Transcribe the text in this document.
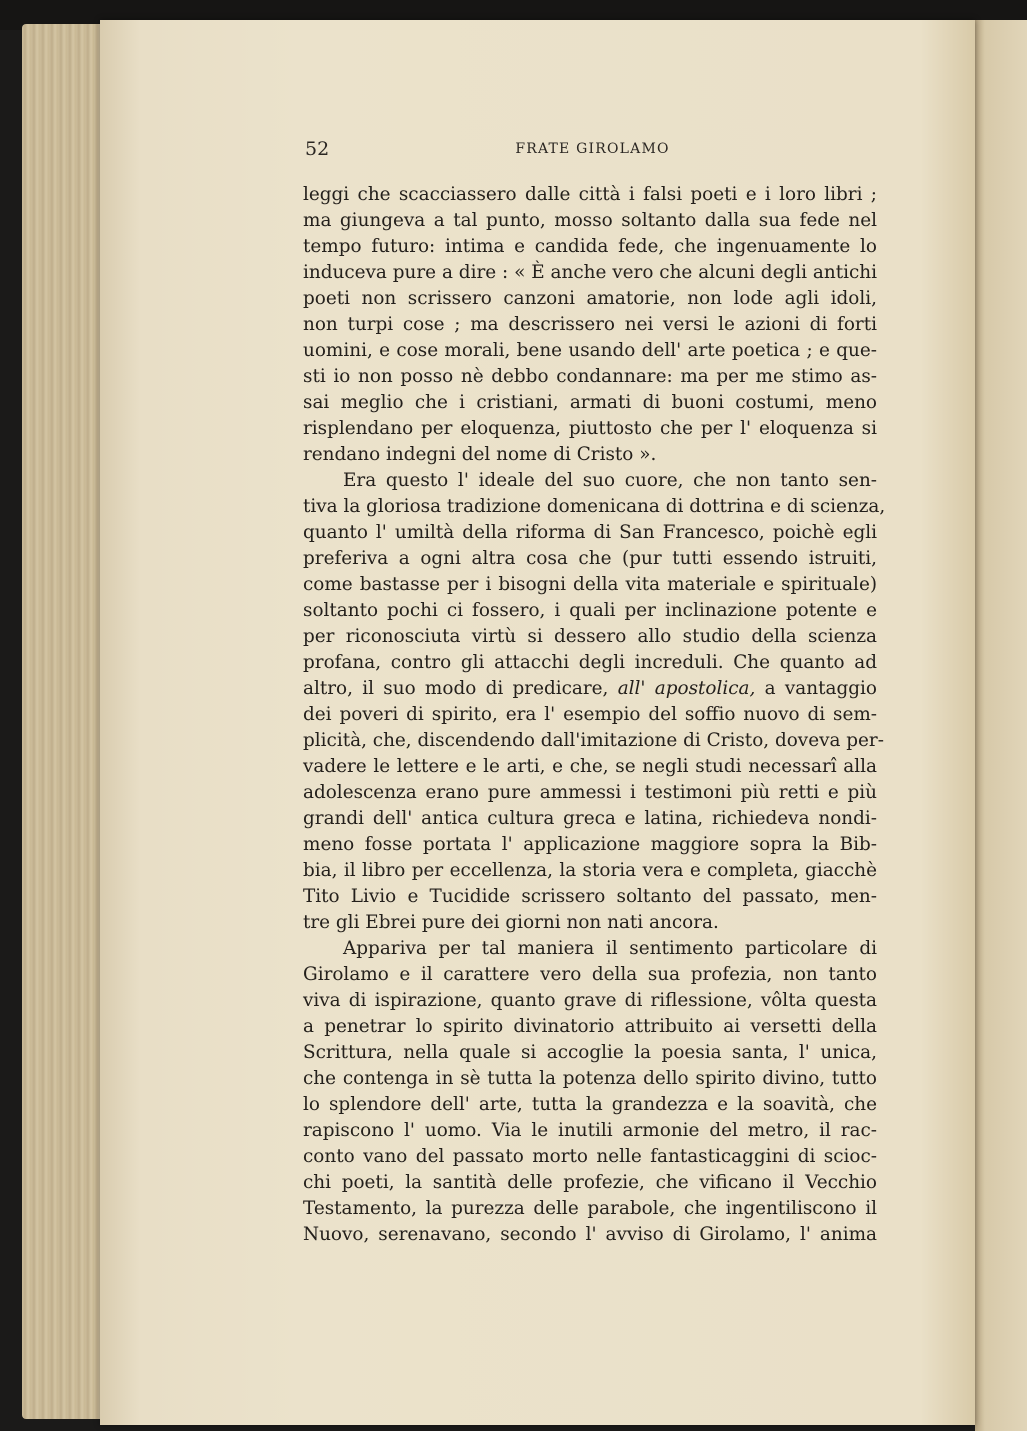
52	FRATE GIROLAMO
leggi che scacciassero dalle città i falsi poeti e i loro libri ;
ma giungeva a tal punto, mosso soltanto dalla sua fede nel
tempo futuro: intima e candida fede, che ingenuamente lo
induceva pure a dire : « È anche vero che alcuni degli antichi
poeti non scrissero canzoni amatorie, non lode agli idoli,
non turpi cose ; ma descrissero nei versi le azioni di forti
uomini, e cose morali, bene usando dell' arte poetica ; e que-
sti io non posso nè debbo condannare: ma per me stimo as-
sai meglio che i cristiani, armati di buoni costumi, meno
risplendano per eloquenza, piuttosto che per l' eloquenza si
rendano indegni del nome di Cristo ».
Era questo l' ideale del suo cuore, che non tanto sen-
tiva la gloriosa tradizione domenicana di dottrina e di scienza,
quanto l' umiltà della riforma di San Francesco, poichè egli
preferiva a ogni altra cosa che (pur tutti essendo istruiti,
come bastasse per i bisogni della vita materiale e spirituale)
soltanto pochi ci fossero, i quali per inclinazione potente e
per riconosciuta virtù si dessero allo studio della scienza
profana, contro gli attacchi degli increduli. Che quanto ad
altro, il suo modo di predicare, all' apostolica, a vantaggio
dei poveri di spirito, era l' esempio del soffio nuovo di sem-
plicità, che, discendendo dall'imitazione di Cristo, doveva per-
vadere le lettere e le arti, e che, se negli studi necessarî alla
adolescenza erano pure ammessi i testimoni più retti e più
grandi dell' antica cultura greca e latina, richiedeva nondi-
meno fosse portata l' applicazione maggiore sopra la Bib-
bia, il libro per eccellenza, la storia vera e completa, giacchè
Tito Livio e Tucidide scrissero soltanto del passato, men-
tre gli Ebrei pure dei giorni non nati ancora.
Appariva per tal maniera il sentimento particolare di
Girolamo e il carattere vero della sua profezia, non tanto
viva di ispirazione, quanto grave di riflessione, vôlta questa
a penetrar lo spirito divinatorio attribuito ai versetti della
Scrittura, nella quale si accoglie la poesia santa, l' unica,
che contenga in sè tutta la potenza dello spirito divino, tutto
lo splendore dell' arte, tutta la grandezza e la soavità, che
rapiscono l' uomo. Via le inutili armonie del metro, il rac-
conto vano del passato morto nelle fantasticaggini di scioc-
chi poeti, la santità delle profezie, che vificano il Vecchio
Testamento, la purezza delle parabole, che ingentiliscono il
Nuovo, serenavano, secondo l' avviso di Girolamo, l' anima
